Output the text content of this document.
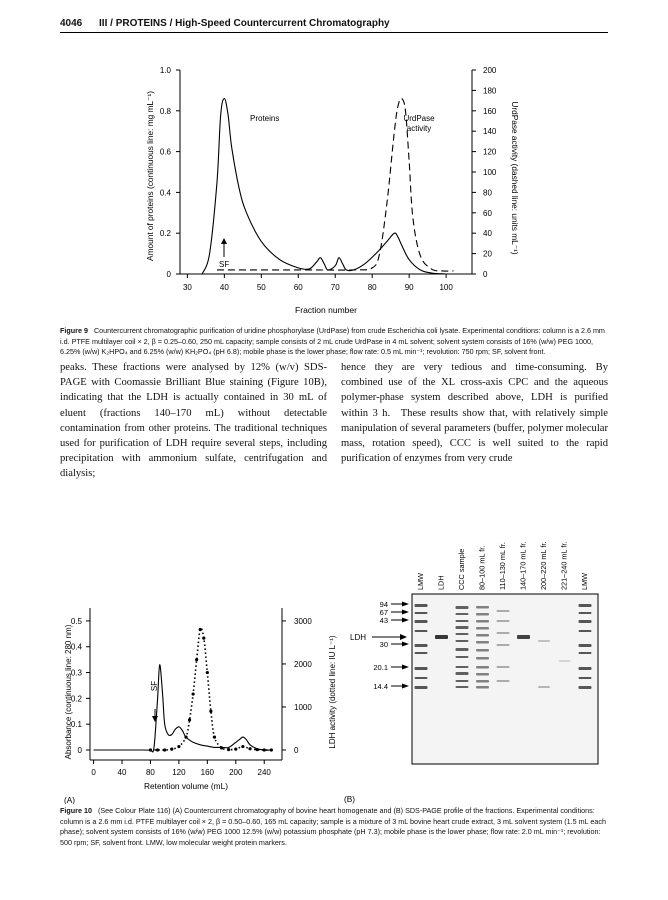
4046 III / PROTEINS / High-Speed Countercurrent Chromatography
0
0.2
0.4
0.6
0.8
1.0
0
20
40
60
80
100
120
140
160
180
200
30	40	50	60	70	80	90	100
Proteins	UrdPase activity
SF
Fraction number
Amount of proteins (continuous line: mg mL⁻¹)	UrdPase activity (dashed line: units mL⁻¹)
Figure 9 Countercurrent chromatographic purification of uridine phosphorylase (UrdPase) from crude Escherichia coli lysate. Experimental conditions: column is a 2.6 mm i.d. PTFE multilayer coil × 2, β = 0.25–0.60, 250 mL capacity; sample consists of 2 mL crude UrdPase in 4 mL solvent; solvent system consists of 16% (w/w) PEG 1000, 6.25% (w/w) K₂HPO₄ and 6.25% (w/w) KH₂PO₄ (pH 6.8); mobile phase is the lower phase; flow rate: 0.5 mL min⁻¹; revolution: 750 rpm; SF, solvent front.

peaks. These fractions were analysed by 12% (w/v) SDS-PAGE with Coomassie Brilliant Blue staining (Figure 10B), indicating that the LDH is actually contained in 30 mL of eluent (fractions 140–170 mL) without detectable contamination from other proteins. The traditional techniques used for purification of LDH require several steps, including precipitation with ammonium sulfate, centrifugation and dialysis;

hence they are very tedious and time-consuming. By combined use of the XL cross-axis CPC and the aqueous polymer-phase system described above, LDH is purified within 3 h. These results show that, with relatively simple manipulation of several parameters (buffer, polymer molecular mass, rotation speed), CCC is well suited to the rapid purification of enzymes from very crude

0
0.1
0.2
0.3
0.4
0.5
0
1000
2000
3000
0	40 80 120 160 200 240
SF
Retention volume (mL)
Absorbance (continuous line: 280 nm)	LDH activity (dotted line: IU L⁻¹)
(A)
LMW LDH CCC sample 80–100 mL fr. 110–130 mL fr. 140–170 mL fr. 200–220 mL fr. 221–240 mL fr. LMW
94
67
43
30
20.1
14.4
LDH
(B)
Figure 10 (See Colour Plate 116) (A) Countercurrent chromatography of bovine heart homogenate and (B) SDS-PAGE profile of the fractions. Experimental conditions: column is a 2.6 mm i.d. PTFE multilayer coil × 2, β = 0.50–0.60, 165 mL capacity; sample is a mixture of 3 mL bovine heart crude extract, 3 mL solvent system (1.5 mL each phase); solvent system consists of 16% (w/w) PEG 1000 12.5% (w/w) potassium phosphate (pH 7.3); mobile phase is the lower phase; flow rate: 2.0 mL min⁻¹; revolution: 500 rpm; SF, solvent front. LMW, low molecular weight protein markers.
